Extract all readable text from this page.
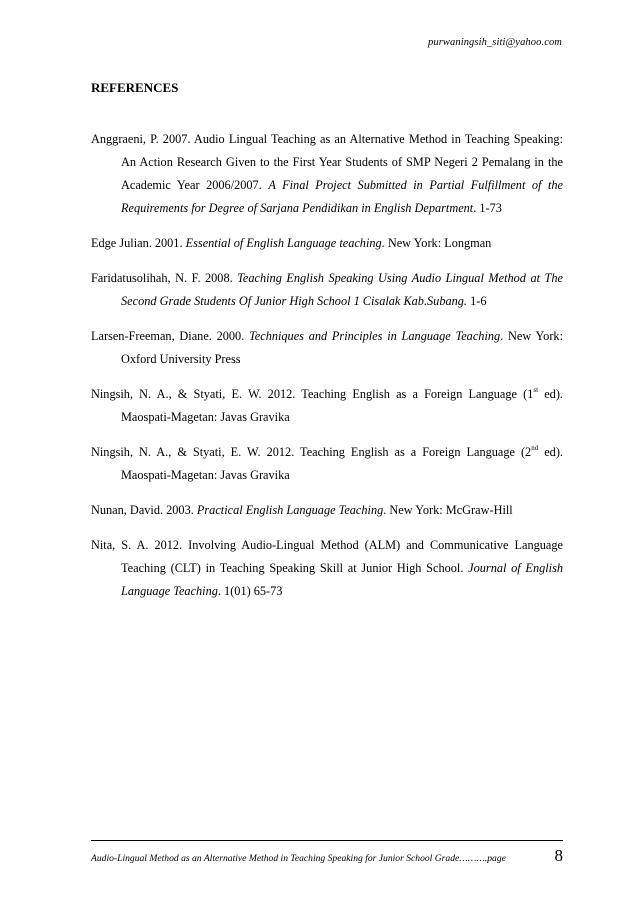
purwaningsih_siti@yahoo.com
REFERENCES

Anggraeni, P. 2007. Audio Lingual Teaching as an Alternative Method in Teaching Speaking: An Action Research Given to the First Year Students of SMP Negeri 2 Pemalang in the Academic Year 2006/2007. A Final Project Submitted in Partial Fulfillment of the Requirements for Degree of Sarjana Pendidikan in English Department. 1-73

Edge Julian. 2001. Essential of English Language teaching. New York: Longman

Faridatusolihah, N. F. 2008. Teaching English Speaking Using Audio Lingual Method at The Second Grade Students Of Junior High School 1 Cisalak Kab.Subang. 1-6

Larsen-Freeman, Diane. 2000. Techniques and Principles in Language Teaching. New York: Oxford University Press

Ningsih, N. A., & Styati, E. W. 2012. Teaching English as a Foreign Language (1st ed). Maospati-Magetan: Javas Gravika

Ningsih, N. A., & Styati, E. W. 2012. Teaching English as a Foreign Language (2nd ed). Maospati-Magetan: Javas Gravika

Nunan, David. 2003. Practical English Language Teaching. New York: McGraw-Hill

Nita, S. A. 2012. Involving Audio-Lingual Method (ALM) and Communicative Language Teaching (CLT) in Teaching Speaking Skill at Junior High School. Journal of English Language Teaching. 1(01) 65-73

Audio-Lingual Method as an Alternative Method in Teaching Speaking for Junior School Grade……….page	8
